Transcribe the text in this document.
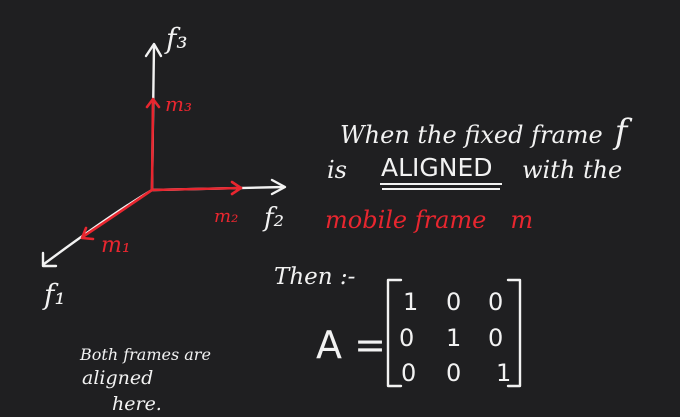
f₃
m₃
f₂
m₂
m₁
f₁
When the fixed frame f
is ALIGNED with the
mobile frame m
Then :-
A =
1 0 0
0 1 0
0 0 1
Both frames are
aligned
here.
